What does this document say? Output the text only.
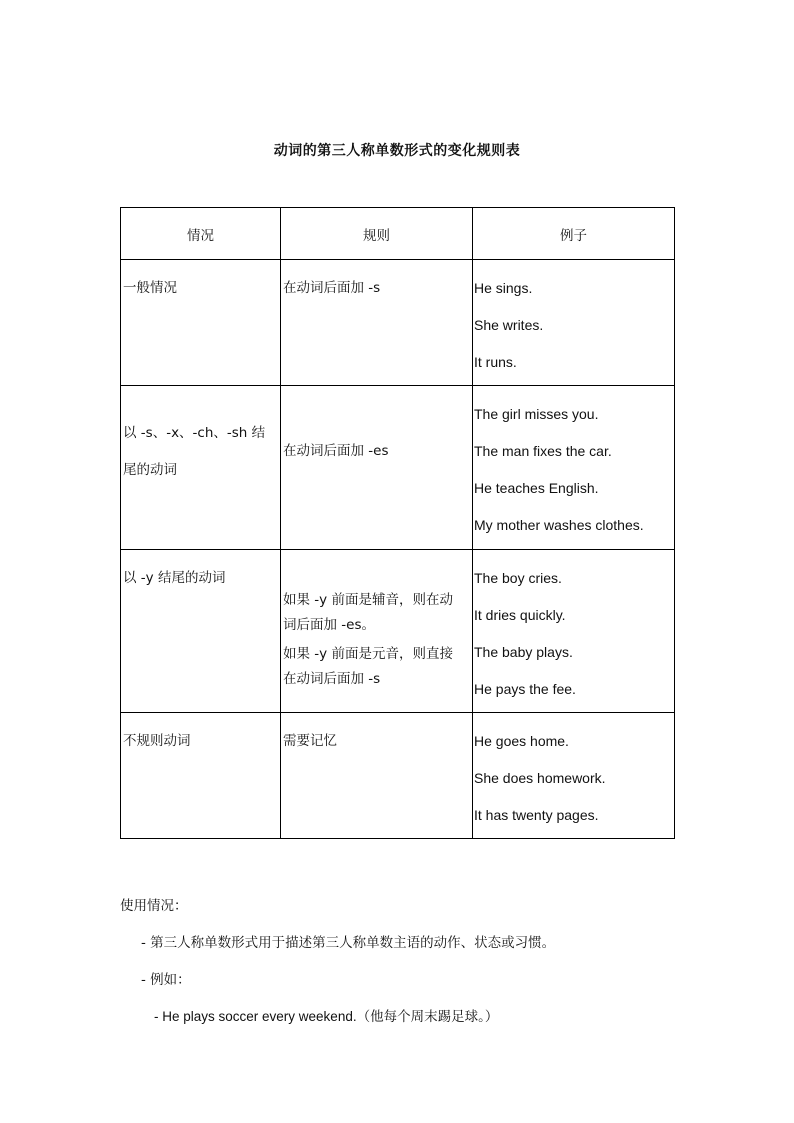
动词的第三人称单数形式的变化规则表
情况	规则	例子

一般情况	在动词后面加 -s	He sings.
She writes.
It runs.

以 -s、-x、-ch、-sh 结尾的动词	在动词后面加 -es	The girl misses you.
The man fixes the car.
He teaches English.
My mother washes clothes.

以 -y 结尾的动词	如果 -y 前面是辅音，则在动词后面加 -es。
如果 -y 前面是元音，则直接在动词后面加 -s	The boy cries.
It dries quickly.
The baby plays.
He pays the fee.

不规则动词	需要记忆	He goes home.
She does homework.
It has twenty pages.
使用情况：
- 第三人称单数形式用于描述第三人称单数主语的动作、状态或习惯。
- 例如：
- He plays soccer every weekend.（他每个周末踢足球。）
